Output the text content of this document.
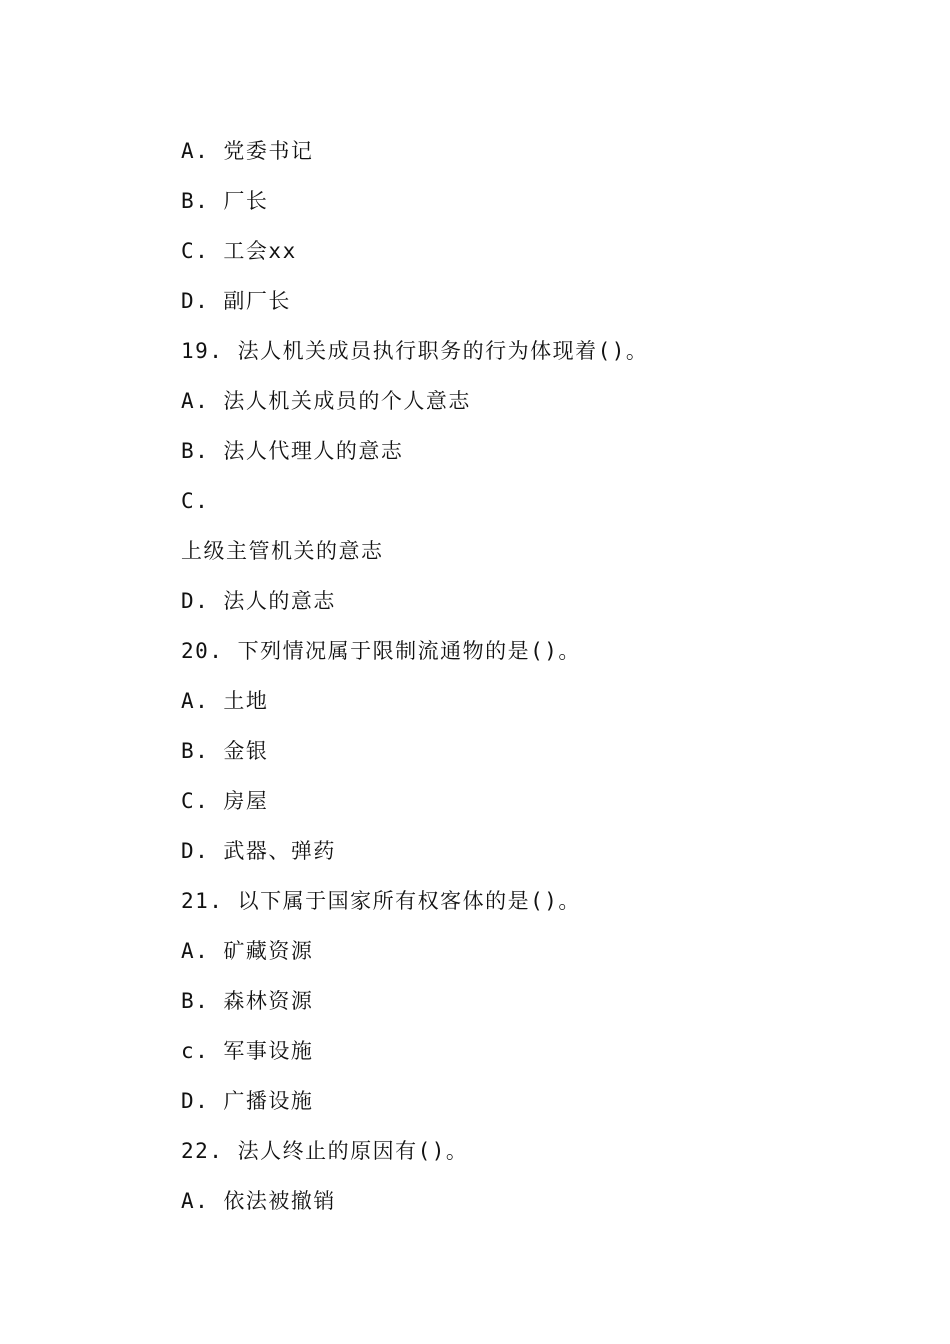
A. 党委书记
B. 厂长
C. 工会xx
D. 副厂长
19. 法人机关成员执行职务的行为体现着()。
A. 法人机关成员的个人意志
B. 法人代理人的意志
C.
上级主管机关的意志
D. 法人的意志
20. 下列情况属于限制流通物的是()。
A. 土地
B. 金银
C. 房屋
D. 武器、弹药
21. 以下属于国家所有权客体的是()。
A. 矿藏资源
B. 森林资源
c. 军事设施
D. 广播设施
22. 法人终止的原因有()。
A. 依法被撤销
